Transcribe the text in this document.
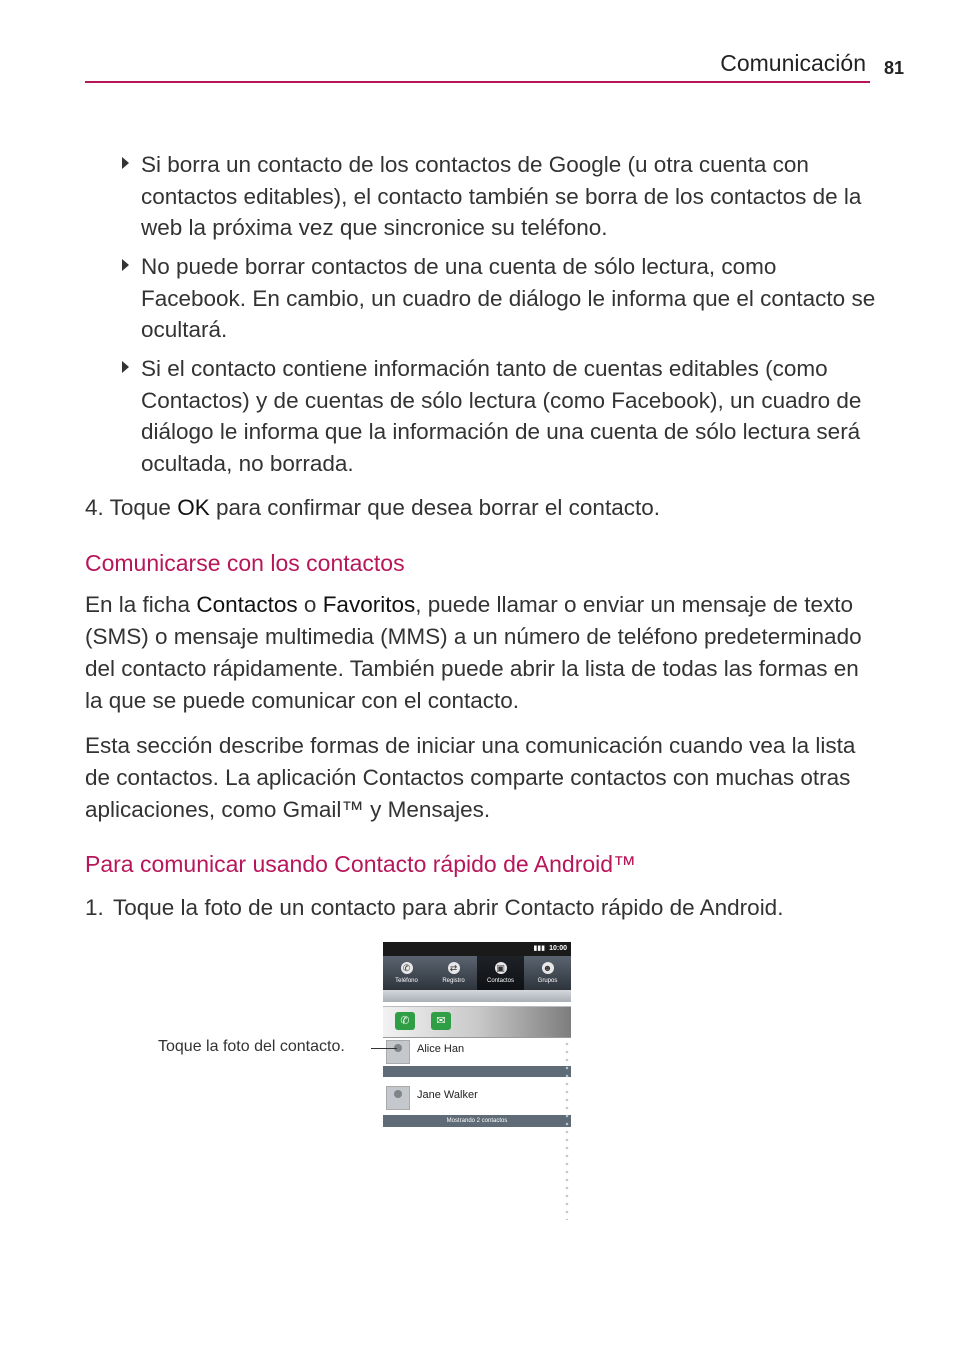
Comunicación 81
Si borra un contacto de los contactos de Google (u otra cuenta con contactos editables), el contacto también se borra de los contactos de la web la próxima vez que sincronice su teléfono.
No puede borrar contactos de una cuenta de sólo lectura, como Facebook. En cambio, un cuadro de diálogo le informa que el contacto se ocultará.
Si el contacto contiene información tanto de cuentas editables (como Contactos) y de cuentas de sólo lectura (como Facebook), un cuadro de diálogo le informa que la información de una cuenta de sólo lectura será ocultada, no borrada.
4. Toque OK para confirmar que desea borrar el contacto.
Comunicarse con los contactos
En la ficha Contactos o Favoritos, puede llamar o enviar un mensaje de texto (SMS) o mensaje multimedia (MMS) a un número de teléfono predeterminado del contacto rápidamente. También puede abrir la lista de todas las formas en la que se puede comunicar con el contacto.
Esta sección describe formas de iniciar una comunicación cuando vea la lista de contactos. La aplicación Contactos comparte contactos con muchas otras aplicaciones, como Gmail™ y Mensajes.
Para comunicar usando Contacto rápido de Android™
1. Toque la foto de un contacto para abrir Contacto rápido de Android.
▮▮▮ 10:00
✆
Teléfono
⇄
Registro
▣
Contactos
☻
Grupos
✆	✉
Alice Han
Jane Walker
Mostrando 2 contactos
Toque la foto del contacto.
